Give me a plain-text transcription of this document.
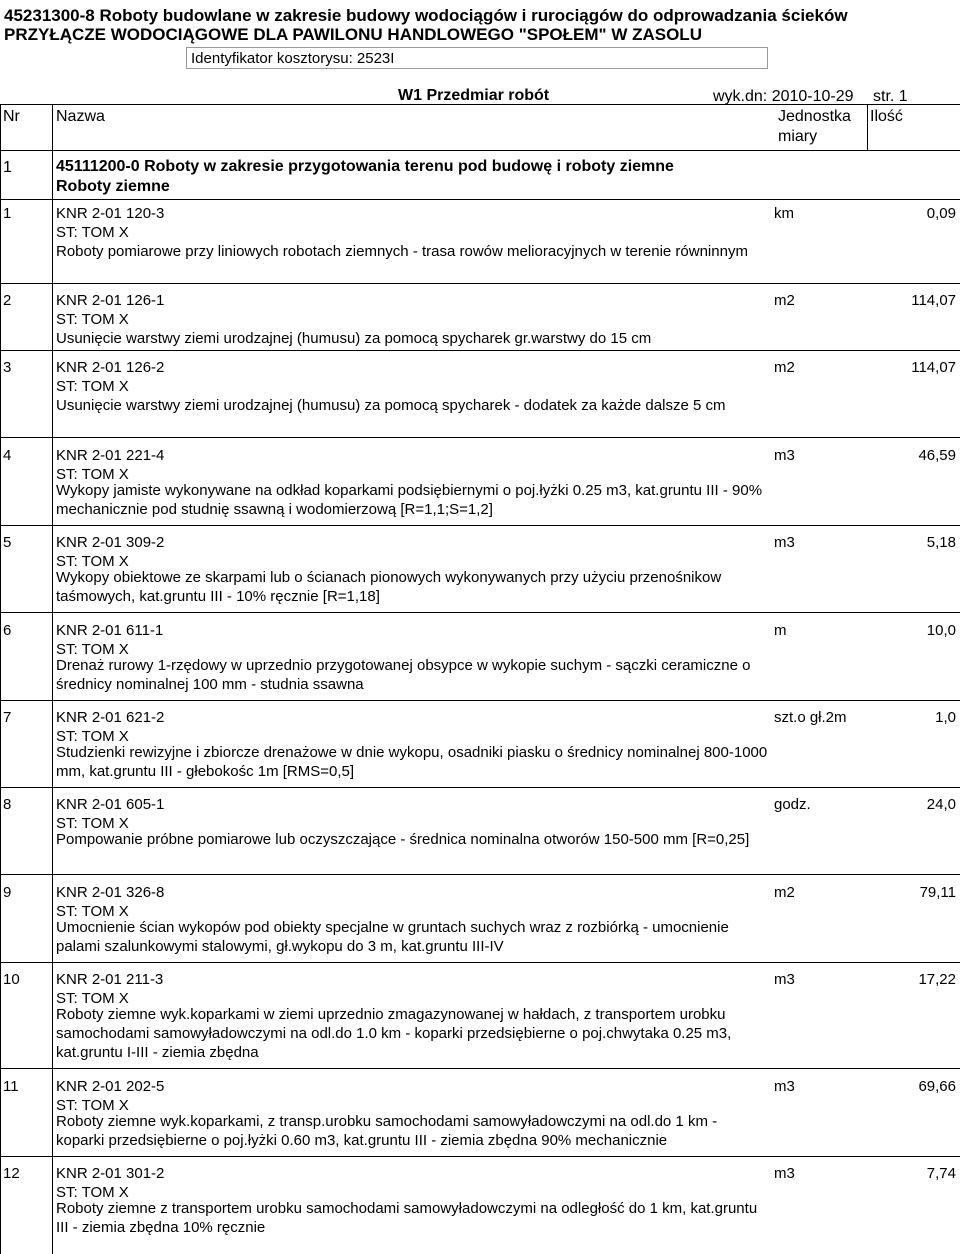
45231300-8 Roboty budowlane w zakresie budowy wodociągów i rurociągów do odprowadzania ścieków
PRZYŁĄCZE WODOCIĄGOWE DLA PAWILONU HANDLOWEGO "SPOŁEM" W ZASOLU
Identyfikator kosztorysu: 2523I
W1 Przedmiar robót	wyk.dn: 2010-10-29 str. 1
Nr Nazwa	Jednostka
miary
Ilość
1	45111200-0 Roboty w zakresie przygotowania terenu pod budowę i roboty ziemne
Roboty ziemne
1	KNR 2-01 120-3
ST: TOM X
Roboty pomiarowe przy liniowych robotach ziemnych - trasa rowów melioracyjnych w terenie równinnym
km	0,09
2	KNR 2-01 126-1
ST: TOM X
Usunięcie warstwy ziemi urodzajnej (humusu) za pomocą spycharek gr.warstwy do 15 cm
m2	114,07
3	KNR 2-01 126-2
ST: TOM X
Usunięcie warstwy ziemi urodzajnej (humusu) za pomocą spycharek - dodatek za każde dalsze 5 cm
m2	114,07
4	KNR 2-01 221-4
ST: TOM X
Wykopy jamiste wykonywane na odkład koparkami podsiębiernymi o poj.łyżki 0.25 m3, kat.gruntu III - 90% mechanicznie pod studnię ssawną i wodomierzową [R=1,1;S=1,2]
m3	46,59
5	KNR 2-01 309-2
ST: TOM X
Wykopy obiektowe ze skarpami lub o ścianach pionowych wykonywanych przy użyciu przenośnikow taśmowych, kat.gruntu III - 10% ręcznie [R=1,18]
m3	5,18
6	KNR 2-01 611-1
ST: TOM X
Drenaż rurowy 1-rzędowy w uprzednio przygotowanej obsypce w wykopie suchym - sączki ceramiczne o średnicy nominalnej 100 mm - studnia ssawna
m	10,0
7	KNR 2-01 621-2
ST: TOM X
Studzienki rewizyjne i zbiorcze drenażowe w dnie wykopu, osadniki piasku o średnicy nominalnej 800-1000 mm, kat.gruntu III - głebokośc 1m [RMS=0,5]
szt.o gł.2m	1,0
8	KNR 2-01 605-1
ST: TOM X
Pompowanie próbne pomiarowe lub oczyszczające - średnica nominalna otworów 150-500 mm [R=0,25]
godz.	24,0
9	KNR 2-01 326-8
ST: TOM X
Umocnienie ścian wykopów pod obiekty specjalne w gruntach suchych wraz z rozbiórką - umocnienie palami szalunkowymi stalowymi, gł.wykopu do 3 m, kat.gruntu III-IV
m2	79,11
10 KNR 2-01 211-3
ST: TOM X
Roboty ziemne wyk.koparkami w ziemi uprzednio zmagazynowanej w hałdach, z transportem urobku samochodami samowyładowczymi na odl.do 1.0 km - koparki przedsiębierne o poj.chwytaka 0.25 m3, kat.gruntu I-III - ziemia zbędna
m3	17,22
11 KNR 2-01 202-5
ST: TOM X
Roboty ziemne wyk.koparkami, z transp.urobku samochodami samowyładowczymi na odl.do 1 km - koparki przedsiębierne o poj.łyżki 0.60 m3, kat.gruntu III - ziemia zbędna 90% mechanicznie
m3	69,66
12 KNR 2-01 301-2
ST: TOM X
Roboty ziemne z transportem urobku samochodami samowyładowczymi na odległość do 1 km, kat.gruntu III - ziemia zbędna 10% ręcznie
m3	7,74
